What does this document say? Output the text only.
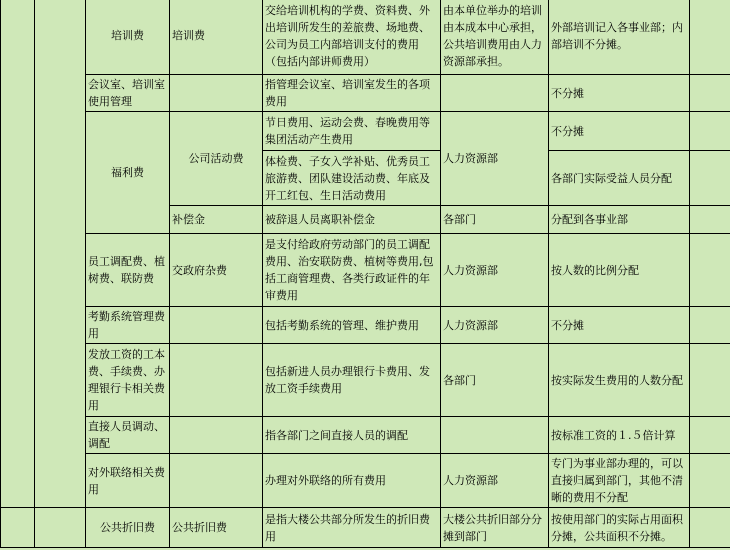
		培训费	培训费	交给培训机构的学费、资料费、外出培训所发生的差旅费、场地费、公司为员工内部培训支付的费用（包括内部讲师费用）	由本单位举办的培训由本成本中心承担，公共培训费用由人力资源部承担。	外部培训记入各事业部；内部培训不分摊。	
		会议室、培训室使用管理		指管理会议室、培训室发生的各项费用		不分摊	
		福利费	公司活动费	节日费用、运动会费、春晚费用等集团活动产生费用	人力资源部	不分摊	
				体检费、子女入学补贴、优秀员工旅游费、团队建设活动费、年底及开工红包、生日活动费用		各部门实际受益人员分配	
			补偿金	被辞退人员离职补偿金	各部门	分配到各事业部	
		员工调配费、植树费、联防费	交政府杂费	是支付给政府劳动部门的员工调配费用、治安联防费、植树等费用,包括工商管理费、各类行政证件的年审费用	人力资源部	按人数的比例分配	
		考勤系统管理费用		包括考勤系统的管理、维护费用	人力资源部	不分摊	
		发放工资的工本费、手续费、办理银行卡相关费用		包括新进人员办理银行卡费用、发放工资手续费用	各部门	按实际发生费用的人数分配	
		直接人员调动、调配		指各部门之间直接人员的调配		按标准工资的１.５倍计算	
		对外联络相关费用		办理对外联络的所有费用	人力资源部	专门为事业部办理的，可以直接归属到部门，其他不清晰的费用不分配	
		公共折旧费	公共折旧费	是指大楼公共部分所发生的折旧费用	大楼公共折旧部分分摊到部门	按使用部门的实际占用面积分摊，公共面积不分摊。	
